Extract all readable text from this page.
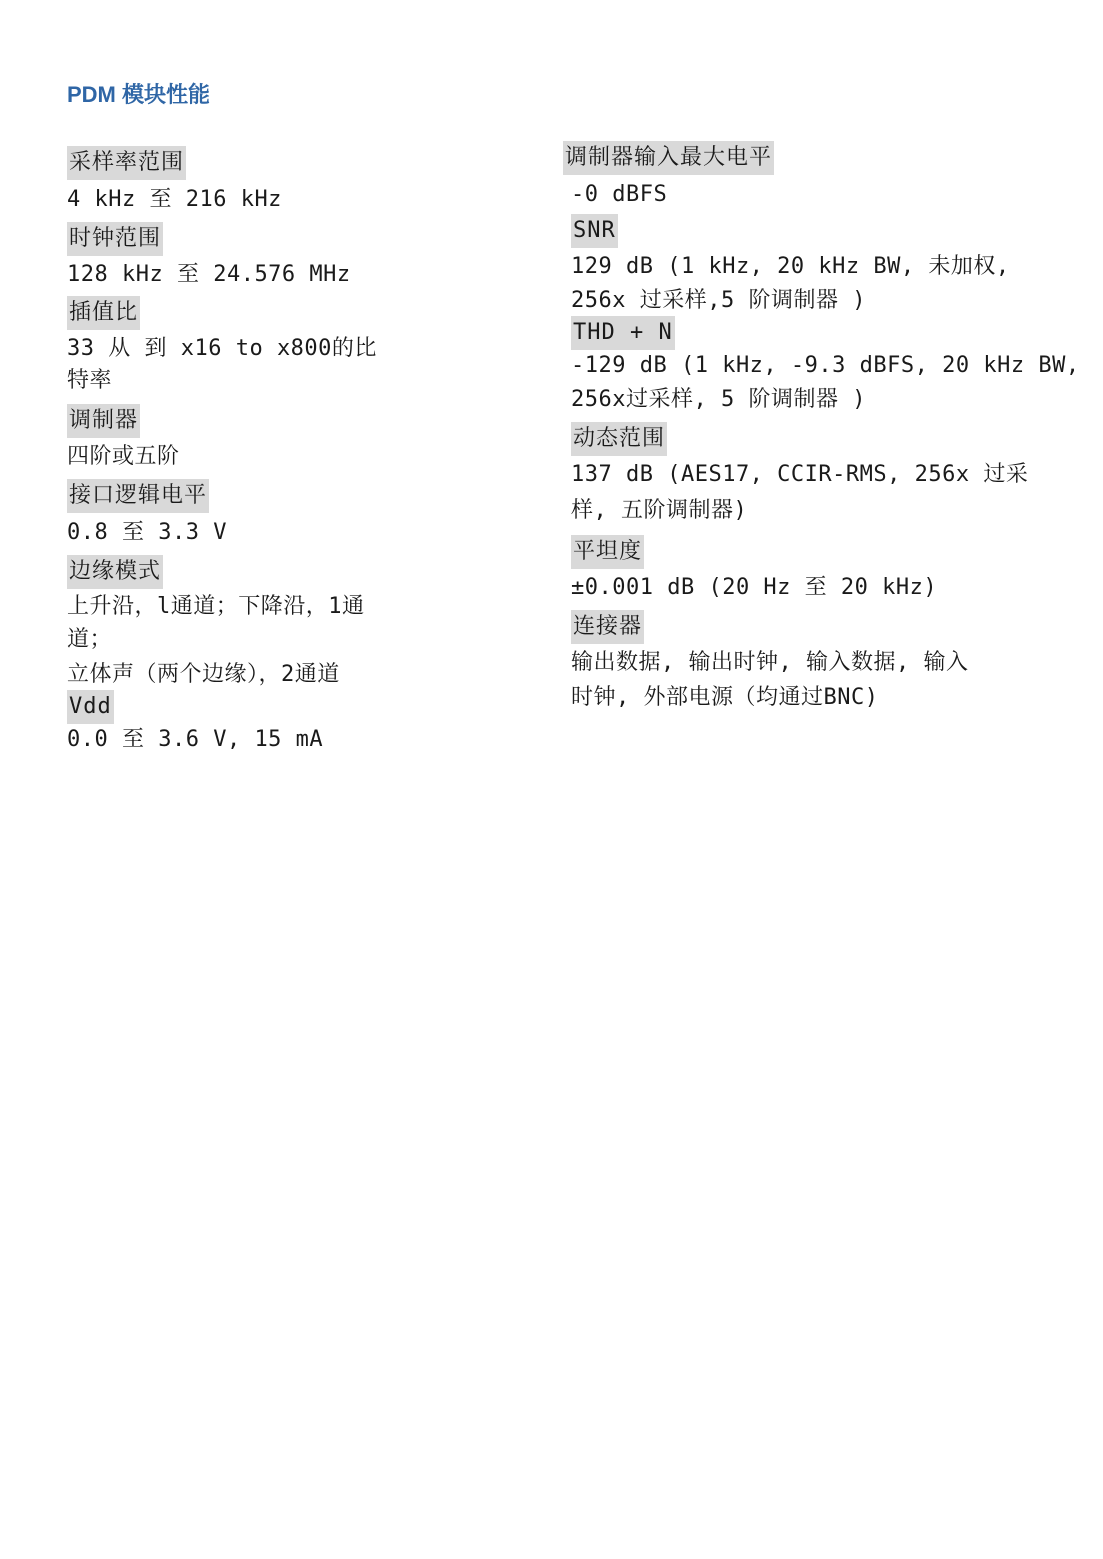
PDM 模块性能
采样率范围
4 kHz 至 216 kHz
时钟范围
128 kHz 至 24.576 MHz
插值比
33 从 到 x16 to x800的比
特率
调制器
四阶或五阶
接口逻辑电平
0.8 至 3.3 V
边缘模式
上升沿，l通道；下降沿，1通
道；
立体声（两个边缘），2通道
Vdd
0.0 至 3.6 V, 15 mA
调制器输入最大电平
-0 dBFS
SNR
129 dB (1 kHz, 20 kHz BW, 未加权,
256x 过采样,5 阶调制器 )
THD + N
-129 dB (1 kHz, -9.3 dBFS, 20 kHz BW,
256x过采样, 5 阶调制器 )
动态范围
137 dB (AES17, CCIR-RMS, 256x 过采
样, 五阶调制器)
平坦度
±0.001 dB (20 Hz 至 20 kHz)
连接器
输出数据, 输出时钟, 输入数据, 输入
时钟, 外部电源（均通过BNC)
